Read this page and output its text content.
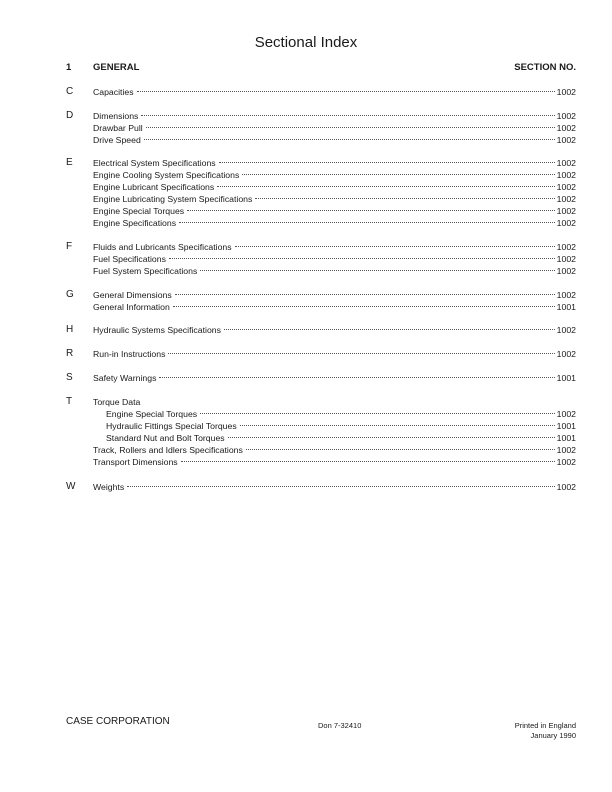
Sectional Index
1 GENERAL	SECTION NO.
C Capacities	1002
D Dimensions	1002
Drawbar Pull	1002
Drive Speed	1002
E Electrical System Specifications	1002
Engine Cooling System Specifications	1002
Engine Lubricant Specifications	1002
Engine Lubricating System Specifications	1002
Engine Special Torques	1002
Engine Specifications	1002
F Fluids and Lubricants Specifications	1002
Fuel Specifications	1002
Fuel System Specifications	1002
G General Dimensions	1002
General Information	1001
H Hydraulic Systems Specifications	1002
R Run-in Instructions	1002
S Safety Warnings	1001
T Torque Data
Engine Special Torques	1002
Hydraulic Fittings Special Torques	1001
Standard Nut and Bolt Torques	1001
Track, Rollers and Idlers Specifications	1002
Transport Dimensions	1002
W Weights	1002
CASE CORPORATION	Don 7-32410	Printed in England
January 1990
